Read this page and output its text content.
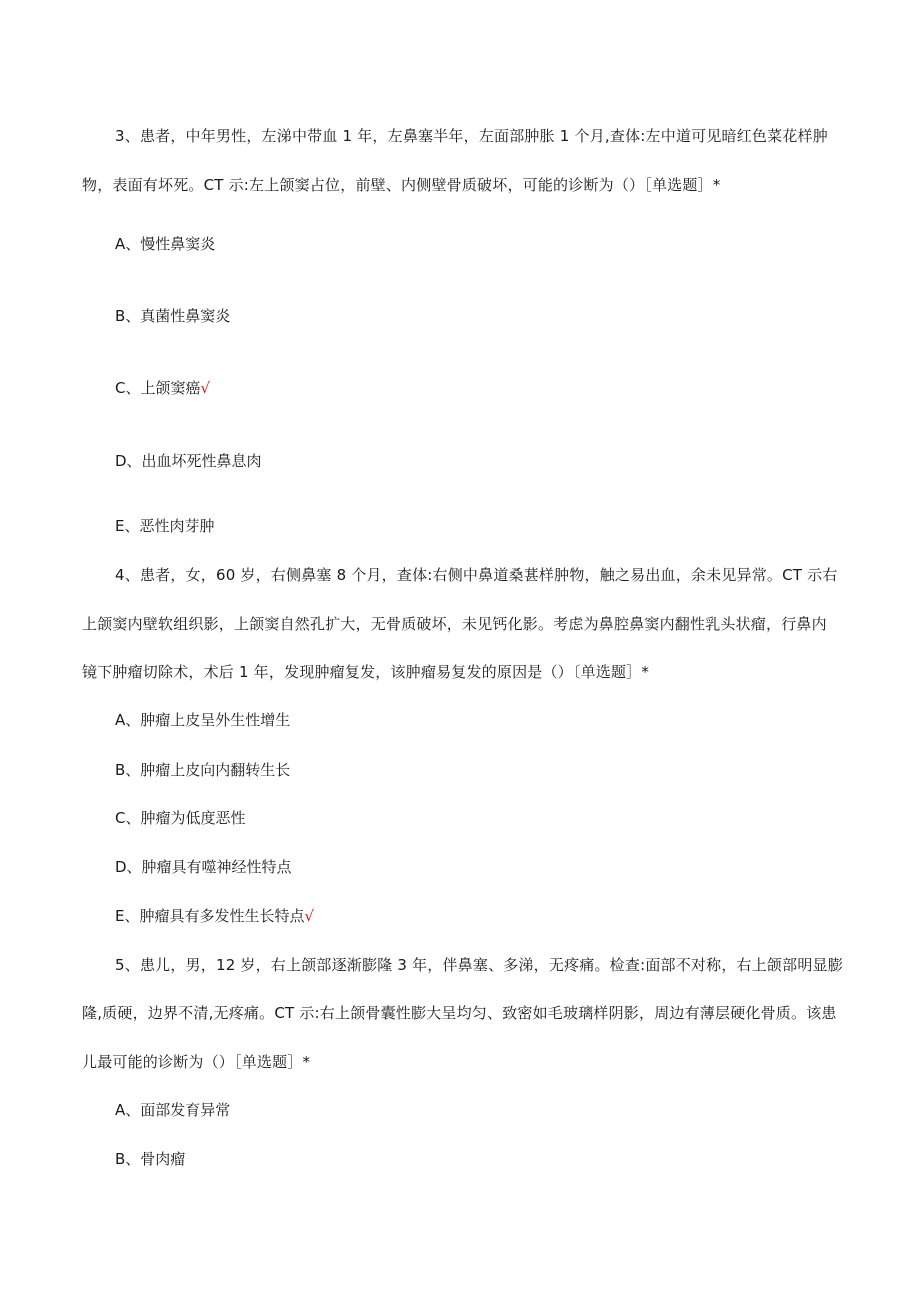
3、患者，中年男性，左涕中带血 1 年，左鼻塞半年，左面部肿胀 1 个月,查体:左中道可见暗红色菜花样肿
物，表面有坏死。CT 示:左上颌窦占位，前壁、内侧壁骨质破坏，可能的诊断为（）［单选题］*
A、慢性鼻窦炎
B、真菌性鼻窦炎
C、上颌窦癌√
D、出血坏死性鼻息肉
E、恶性肉芽肿
4、患者，女，60 岁，右侧鼻塞 8 个月，查体:右侧中鼻道桑葚样肿物，触之易出血，余未见异常。CT 示右
上颌窦内壁软组织影，上颌窦自然孔扩大，无骨质破坏，未见钙化影。考虑为鼻腔鼻窦内翻性乳头状瘤，行鼻内
镜下肿瘤切除术，术后 1 年，发现肿瘤复发，该肿瘤易复发的原因是（）〔单选题］*
A、肿瘤上皮呈外生性增生
B、肿瘤上皮向内翻转生长
C、肿瘤为低度恶性
D、肿瘤具有噬神经性特点
E、肿瘤具有多发性生长特点√
5、患儿，男，12 岁，右上颌部逐渐膨隆 3 年，伴鼻塞、多涕，无疼痛。检查:面部不对称，右上颌部明显膨
隆,质硬，边界不清,无疼痛。CT 示:右上颌骨囊性膨大呈均匀、致密如毛玻璃样阴影，周边有薄层硬化骨质。该患
儿最可能的诊断为（）［单选题］*
A、面部发育异常
B、骨肉瘤
